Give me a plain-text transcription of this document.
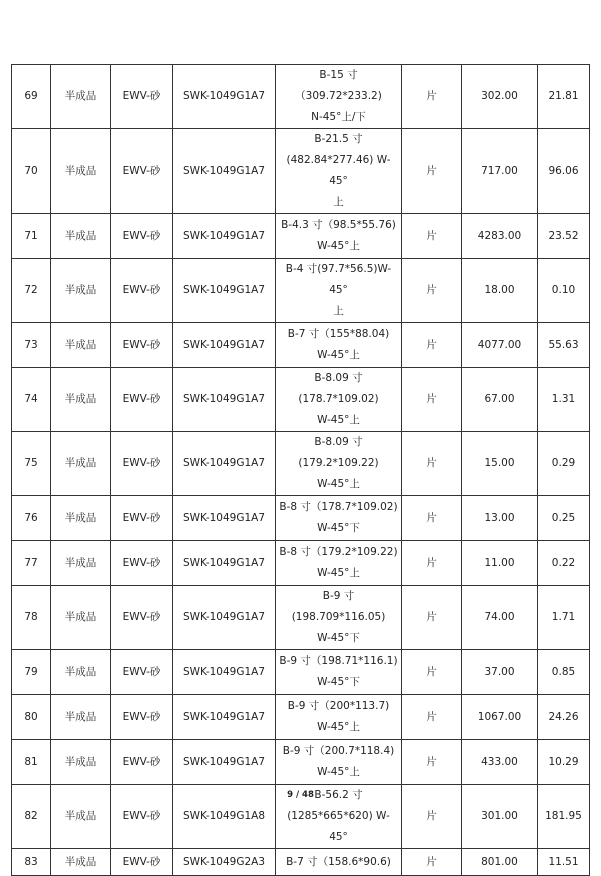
69	半成品	EWV-砂	SWK-1049G1A7	B-15 寸（309.72*233.2)
N-45°上/下	片	302.00	21.81
70	半成品	EWV-砂	SWK-1049G1A7	B-21.5 寸
(482.84*277.46) W-45°
上	片	717.00	96.06
71	半成品	EWV-砂	SWK-1049G1A7	B-4.3 寸（98.5*55.76)
W-45°上	片	4283.00	23.52
72	半成品	EWV-砂	SWK-1049G1A7	B-4 寸(97.7*56.5)W-45°
上	片	18.00	0.10
73	半成品	EWV-砂	SWK-1049G1A7	B-7 寸（155*88.04)
W-45°上	片	4077.00	55.63
74	半成品	EWV-砂	SWK-1049G1A7	B-8.09 寸(178.7*109.02)
W-45°上	片	67.00	1.31
75	半成品	EWV-砂	SWK-1049G1A7	B-8.09 寸(179.2*109.22)
W-45°上	片	15.00	0.29
76	半成品	EWV-砂	SWK-1049G1A7	B-8 寸（178.7*109.02)
W-45°下	片	13.00	0.25
77	半成品	EWV-砂	SWK-1049G1A7	B-8 寸（179.2*109.22)
W-45°上	片	11.00	0.22
78	半成品	EWV-砂	SWK-1049G1A7	B-9 寸(198.709*116.05)
W-45°下	片	74.00	1.71
79	半成品	EWV-砂	SWK-1049G1A7	B-9 寸（198.71*116.1)
W-45°下	片	37.00	0.85
80	半成品	EWV-砂	SWK-1049G1A7	B-9 寸（200*113.7)
W-45°上	片	1067.00	24.26
81	半成品	EWV-砂	SWK-1049G1A7	B-9 寸（200.7*118.4)
W-45°上	片	433.00	10.29
82	半成品	EWV-砂	SWK-1049G1A8	B-56.2 寸
(1285*665*620) W-45°	片	301.00	181.95
83	半成品	EWV-砂	SWK-1049G2A3	B-7 寸（158.6*90.6)	片	801.00	11.51
9 / 48
